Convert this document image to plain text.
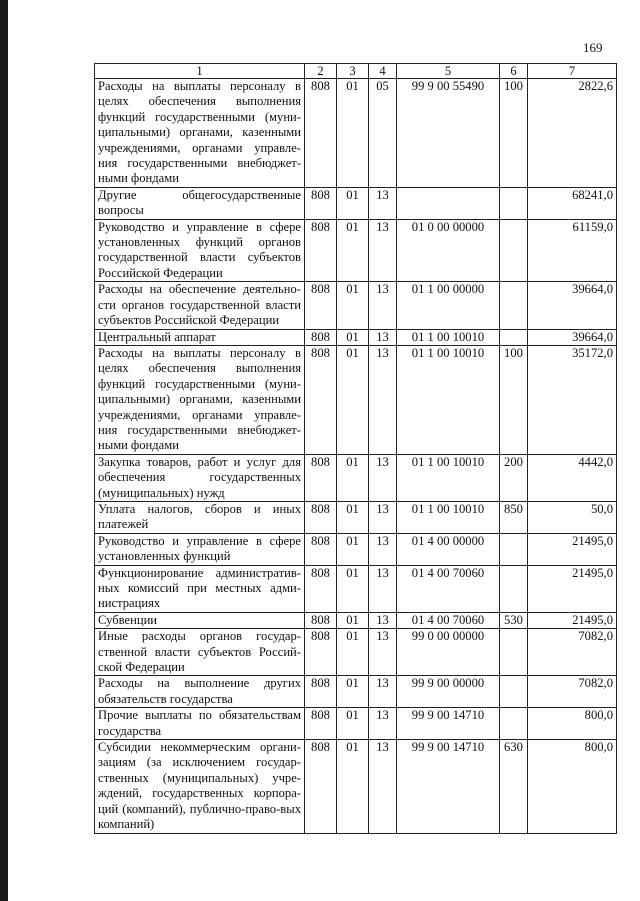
169
1	2	3	4	5	6	7
Расходы на выплаты персоналу в целях обеспечения выполнения функций государственными (муни-ципальными) органами, казенными учреждениями, органами управле-ния государственными внебюджет-ными фондами	808	01	05	99 9 00 55490	100	2822,6
Другие общегосударственные вопросы	808	01	13			68241,0
Руководство и управление в сфере установленных функций органов государственной власти субъектов Российской Федерации	808	01	13	01 0 00 00000		61159,0
Расходы на обеспечение деятельно-сти органов государственной власти субъектов Российской Федерации	808	01	13	01 1 00 00000		39664,0
Центральный аппарат	808	01	13	01 1 00 10010		39664,0
Расходы на выплаты персоналу в целях обеспечения выполнения функций государственными (муни-ципальными) органами, казенными учреждениями, органами управле-ния государственными внебюджет-ными фондами	808	01	13	01 1 00 10010	100	35172,0
Закупка товаров, работ и услуг для обеспечения государственных (муниципальных) нужд	808	01	13	01 1 00 10010	200	4442,0
Уплата налогов, сборов и иных платежей	808	01	13	01 1 00 10010	850	50,0
Руководство и управление в сфере установленных функций	808	01	13	01 4 00 00000		21495,0
Функционирование административ-ных комиссий при местных адми-нистрациях	808	01	13	01 4 00 70060		21495,0
Субвенции	808	01	13	01 4 00 70060	530	21495,0
Иные расходы органов государ-ственной власти субъектов Россий-ской Федерации	808	01	13	99 0 00 00000		7082,0
Расходы на выполнение других обязательств государства	808	01	13	99 9 00 00000		7082,0
Прочие выплаты по обязательствам государства	808	01	13	99 9 00 14710		800,0
Субсидии некоммерческим органи-зациям (за исключением государ-ственных (муниципальных) учре-ждений, государственных корпора-ций (компаний), публично-право-вых компаний)	808	01	13	99 9 00 14710	630	800,0
